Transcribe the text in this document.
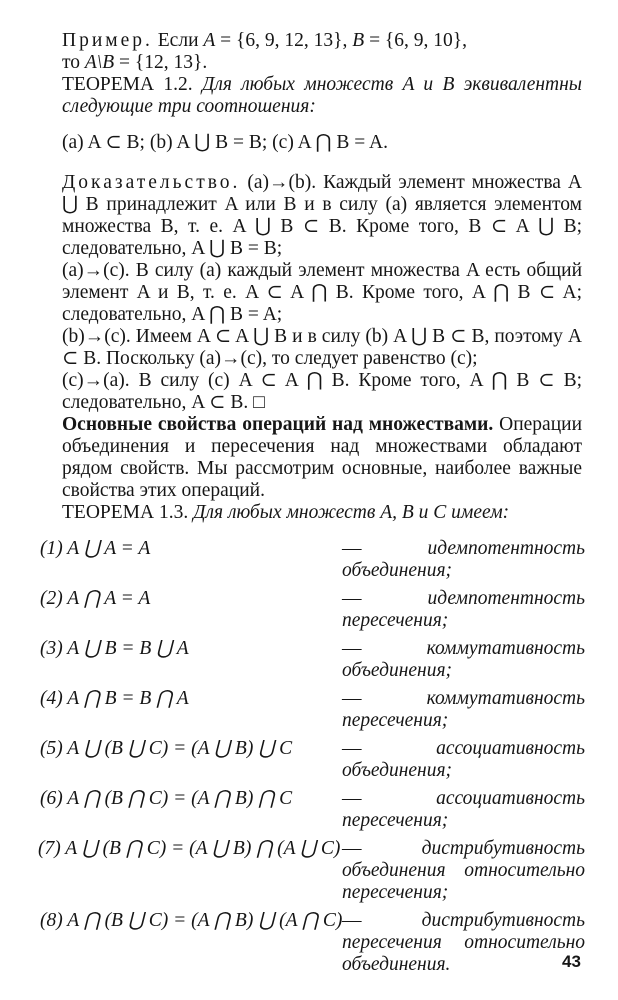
Пример. Если A = {6, 9, 12, 13}, B = {6, 9, 10},
то A\B = {12, 13}.

ТЕОРЕМА 1.2. Для любых множеств A и B эквивалентны следующие три соотношения:

(a) A ⊂ B; (b) A ⋃ B = B; (c) A ⋂ B = A.

Доказательство. (a)→(b). Каждый элемент множества A ⋃ B принадлежит A или B и в силу (а) является элементом множества B, т. е. A ⋃ B ⊂ B. Кроме того, B ⊂ A ⋃ B; следовательно, A ⋃ B = B;

(a)→(c). В силу (a) каждый элемент множества A есть общий элемент A и B, т. е. A ⊂ A ⋂ B. Кроме того, A ⋂ B ⊂ A; следовательно, A ⋂ B = A;

(b)→(c). Имеем A ⊂ A ⋃ B и в силу (b) A ⋃ B ⊂ B, поэтому A ⊂ B. Поскольку (a)→(c), то следует равенство (c);

(c)→(a). В силу (c) A ⊂ A ⋂ B. Кроме того, A ⋂ B ⊂ B; следовательно, A ⊂ B. □

Основные свойства операций над множествами. Операции объединения и пересечения над множествами обладают рядом свойств. Мы рассмотрим основные, наиболее важные свойства этих операций.

ТЕОРЕМА 1.3. Для любых множеств A, B и C имеем:

(1) A ⋃ A = A	— идемпотентность объединения;
(2) A ⋂ A = A	— идемпотентность пересечения;
(3) A ⋃ B = B ⋃ A	— коммутативность объединения;
(4) A ⋂ B = B ⋂ A	— коммутативность пересечения;
(5) A ⋃ (B ⋃ C) = (A ⋃ B) ⋃ C	— ассоциативность объединения;
(6) A ⋂ (B ⋂ C) = (A ⋂ B) ⋂ C	— ассоциативность пересечения;
(7) A ⋃ (B ⋂ C) = (A ⋃ B) ⋂ (A ⋃ C) — дистрибутивность объединения относительно пересечения;
(8) A ⋂ (B ⋃ C) = (A ⋂ B) ⋃ (A ⋂ C) — дистрибутивность пересечения относительно объединения.	43
